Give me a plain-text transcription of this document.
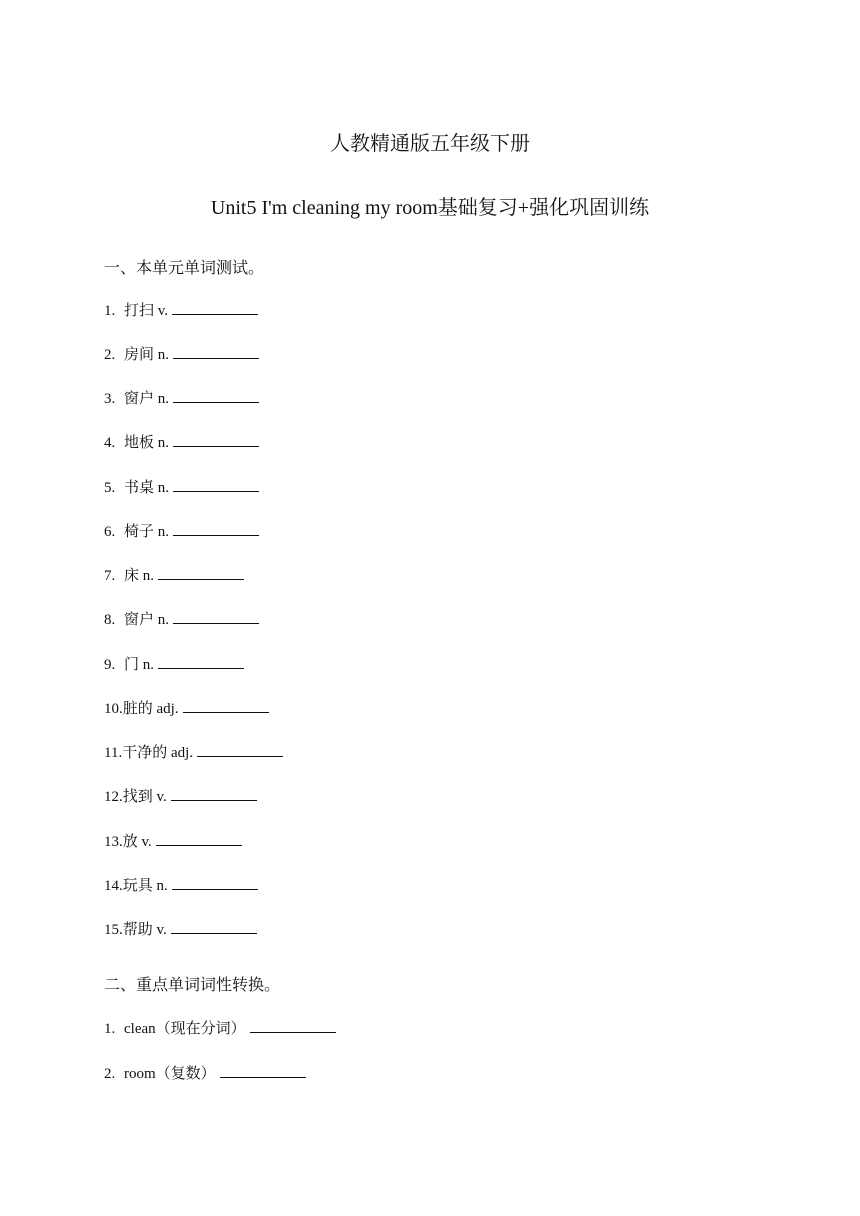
人教精通版五年级下册
Unit5 I'm cleaning my room基础复习+强化巩固训练
一、本单元单词测试。
1. 打扫 v.
2. 房间 n.
3. 窗户 n.
4. 地板 n.
5. 书桌 n.
6. 椅子 n.
7. 床 n.
8. 窗户 n.
9. 门 n.
10.脏的 adj.
11.干净的 adj.
12.找到 v.
13.放 v.
14.玩具 n.
15.帮助 v.
二、重点单词词性转换。
1. clean（现在分词）
2. room（复数）
